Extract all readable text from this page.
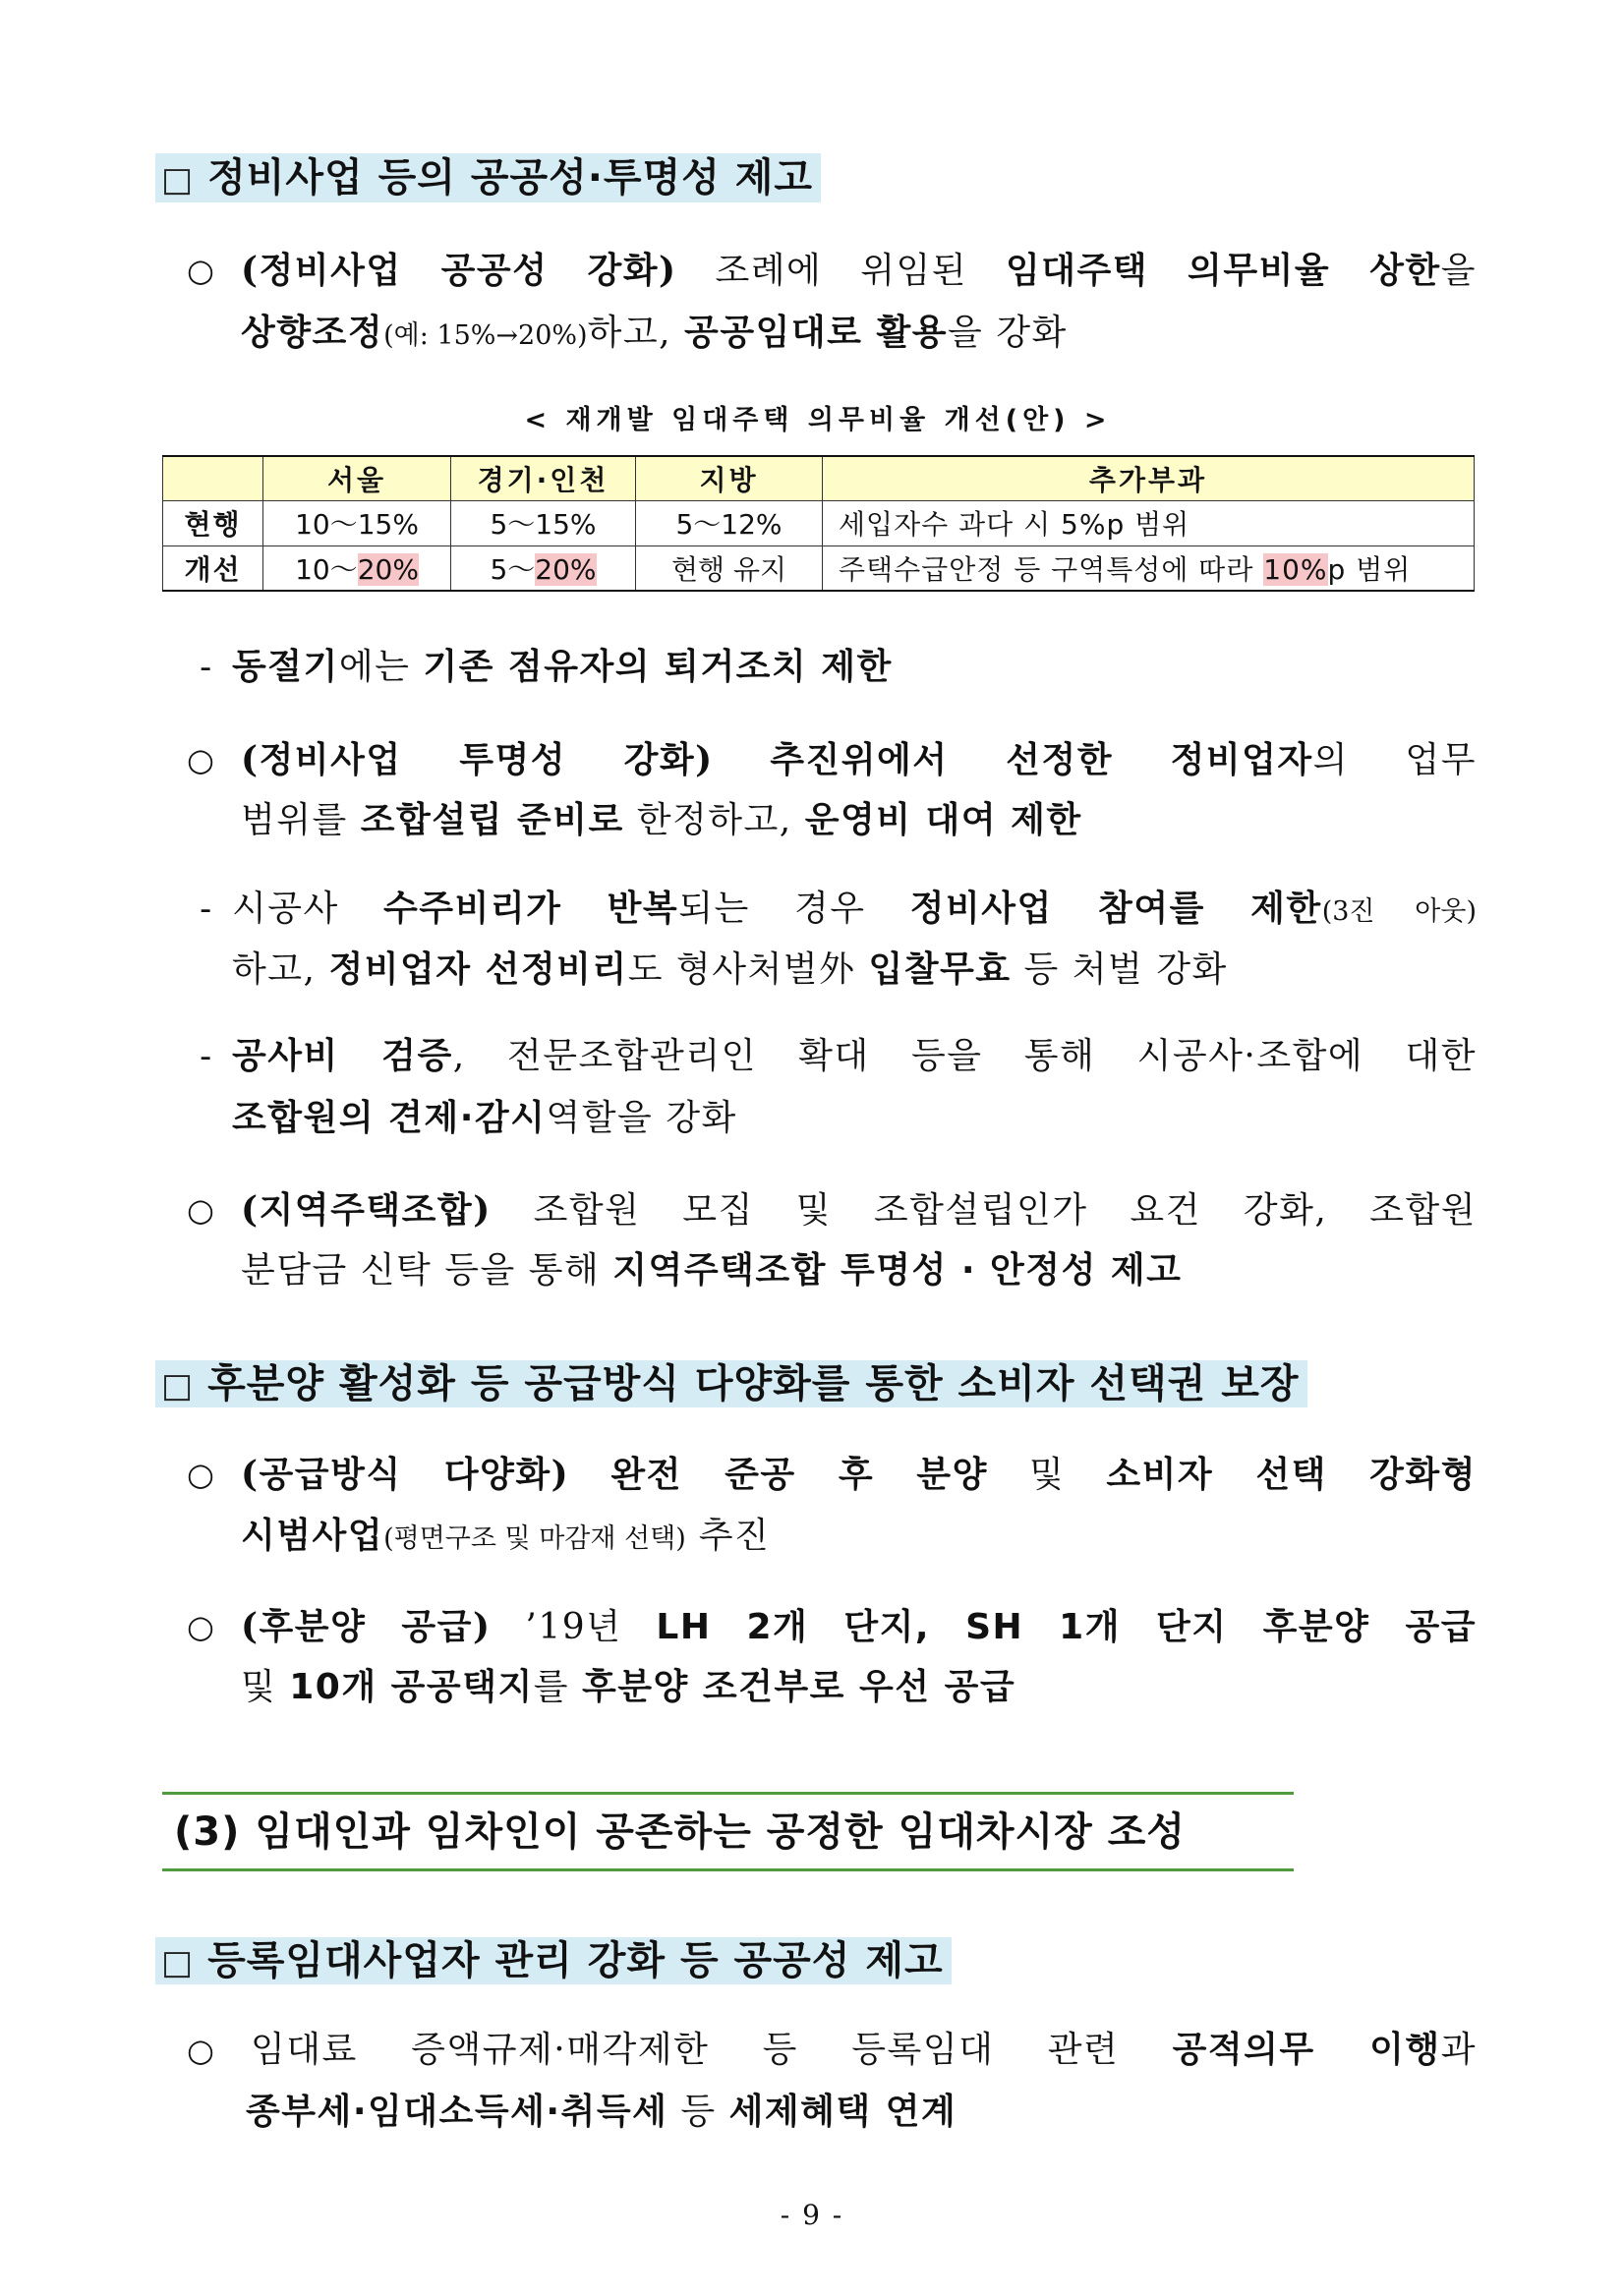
□ 정비사업 등의 공공성·투명성 제고
○ (정비사업 공공성 강화) 조례에 위임된 임대주택 의무비율 상한을
상향조정(예: 15%→20%)하고, 공공임대로 활용을 강화
< 재개발 임대주택 의무비율 개선(안) >
	서울	경기·인천	지방	추가부과
현행	10～15%	5～15%	5～12%	세입자수 과다 시 5%p 범위
개선	10～20%	5～20%	현행 유지	주택수급안정 등 구역특성에 따라 10%p 범위
- 동절기에는 기존 점유자의 퇴거조치 제한
○ (정비사업 투명성 강화) 추진위에서 선정한 정비업자의 업무
범위를 조합설립 준비로 한정하고, 운영비 대여 제한
- 시공사 수주비리가 반복되는 경우 정비사업 참여를 제한(3진 아웃)
하고, 정비업자 선정비리도 형사처벌外 입찰무효 등 처벌 강화
- 공사비 검증, 전문조합관리인 확대 등을 통해 시공사·조합에 대한
조합원의 견제·감시역할을 강화
○ (지역주택조합) 조합원 모집 및 조합설립인가 요건 강화, 조합원
분담금 신탁 등을 통해 지역주택조합 투명성 · 안정성 제고
□ 후분양 활성화 등 공급방식 다양화를 통한 소비자 선택권 보장
○ (공급방식 다양화) 완전 준공 후 분양 및 소비자 선택 강화형
시범사업(평면구조 및 마감재 선택) 추진
○ (후분양 공급) ’19년 LH 2개 단지, SH 1개 단지 후분양 공급
및 10개 공공택지를 후분양 조건부로 우선 공급
(3) 임대인과 임차인이 공존하는 공정한 임대차시장 조성
□ 등록임대사업자 관리 강화 등 공공성 제고
○ 임대료 증액규제·매각제한 등 등록임대 관련 공적의무 이행과
종부세·임대소득세·취득세 등 세제혜택 연계
- 9 -
